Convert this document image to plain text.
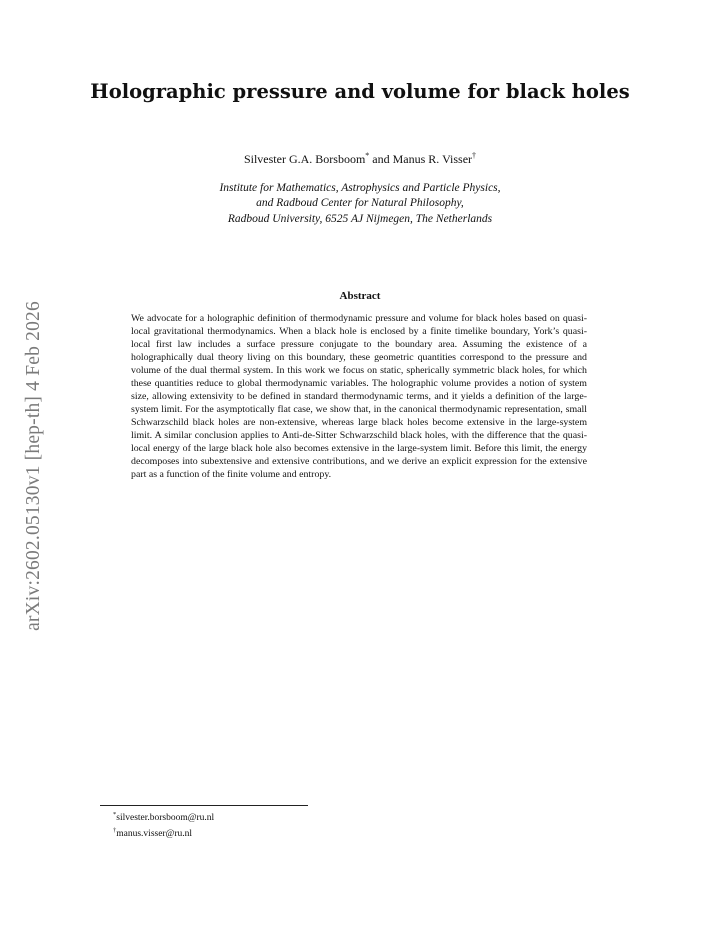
arXiv:2602.05130v1 [hep-th] 4 Feb 2026
Holographic pressure and volume for black holes
Silvester G.A. Borsboom* and Manus R. Visser†
Institute for Mathematics, Astrophysics and Particle Physics,
and Radboud Center for Natural Philosophy,
Radboud University, 6525 AJ Nijmegen, The Netherlands
Abstract
We advocate for a holographic definition of thermodynamic pressure and volume for black holes based on quasi-local gravitational thermodynamics. When a black hole is enclosed by a finite timelike boundary, York’s quasi-local first law includes a surface pressure conjugate to the boundary area. Assuming the existence of a holographically dual theory living on this boundary, these geometric quantities correspond to the pressure and volume of the dual thermal system. In this work we focus on static, spherically symmetric black holes, for which these quantities reduce to global thermodynamic variables. The holographic volume provides a notion of system size, allowing extensivity to be defined in standard thermodynamic terms, and it yields a definition of the large-system limit. For the asymptotically flat case, we show that, in the canonical thermodynamic representation, small Schwarzschild black holes are non-extensive, whereas large black holes become extensive in the large-system limit. A similar conclusion applies to Anti-de-Sitter Schwarzschild black holes, with the difference that the quasi-local energy of the large black hole also becomes extensive in the large-system limit. Before this limit, the energy decomposes into subextensive and extensive contributions, and we derive an explicit expression for the extensive part as a function of the finite volume and entropy.
*silvester.borsboom@ru.nl
†manus.visser@ru.nl
